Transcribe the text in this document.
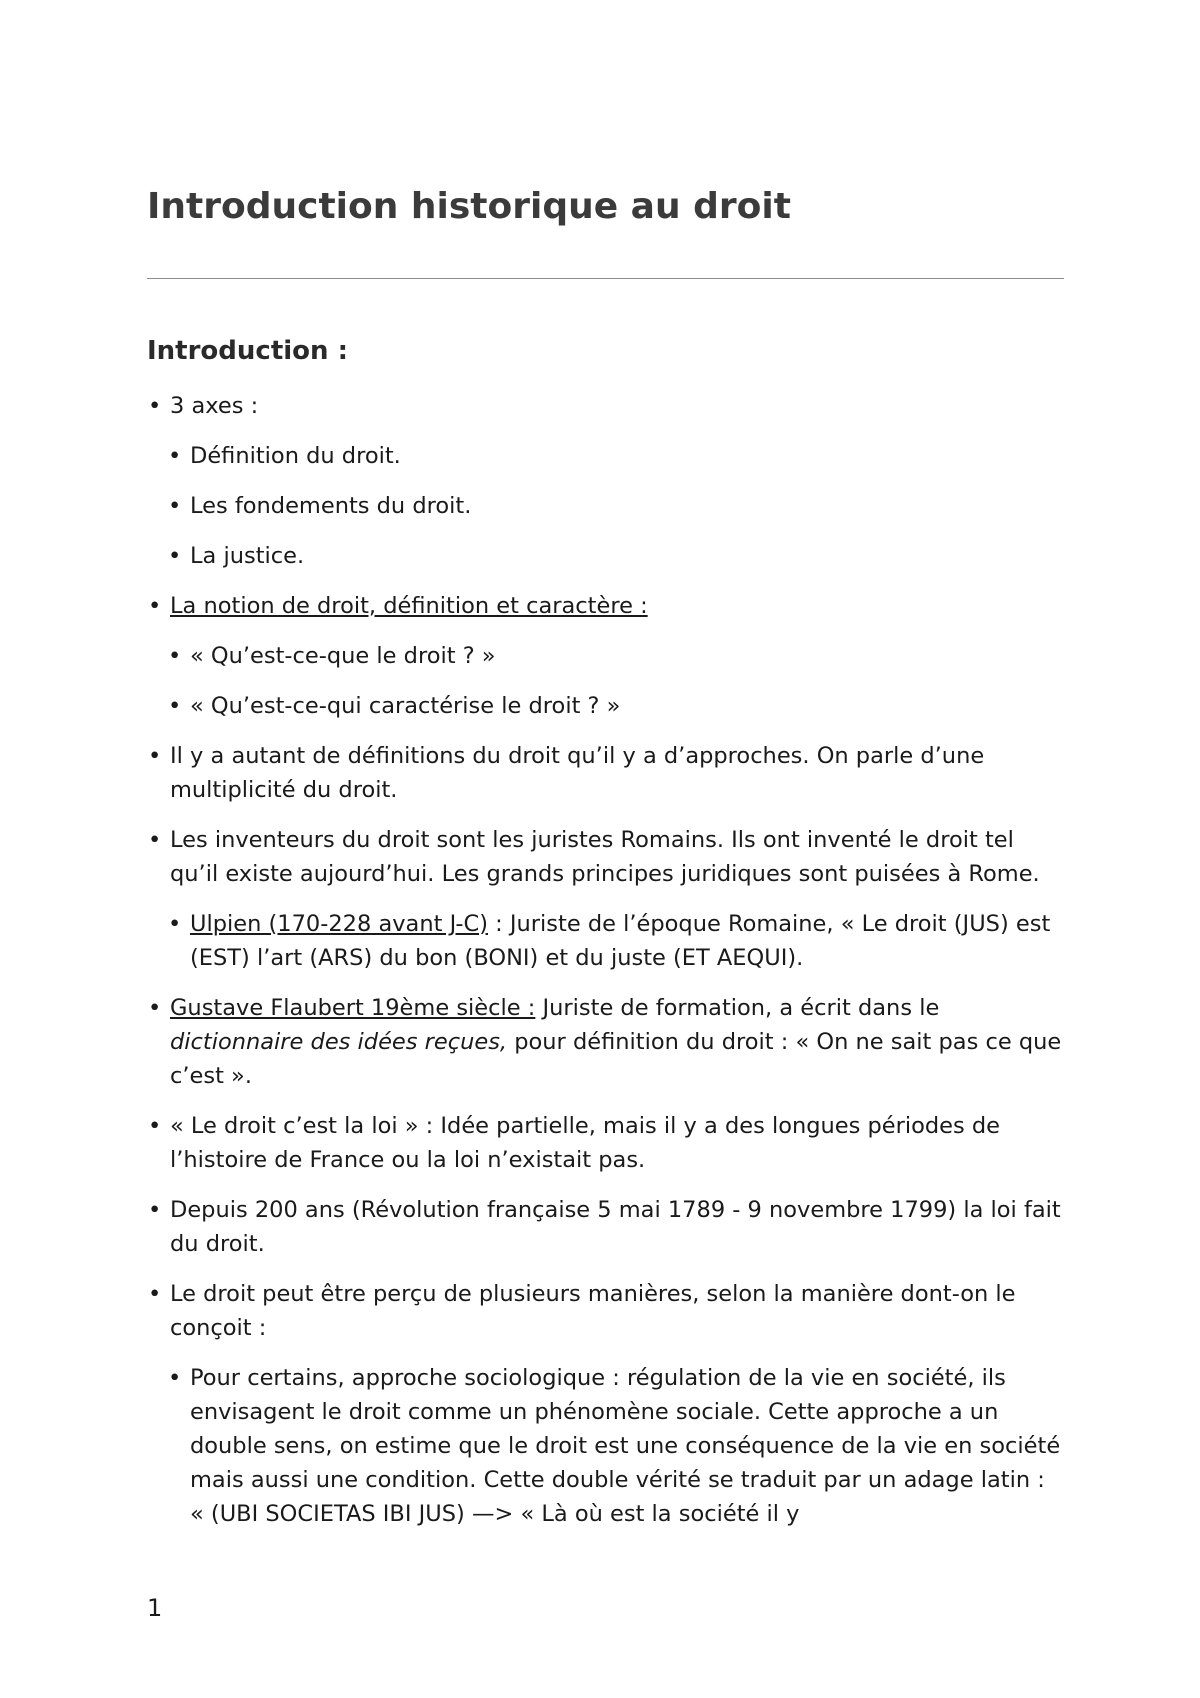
Introduction historique au droit
Introduction :
• 3 axes :
• Définition du droit.
• Les fondements du droit.
• La justice.
• La notion de droit, définition et caractère :
• « Qu’est-ce-que le droit ? »
• « Qu’est-ce-qui caractérise le droit ? »
• Il y a autant de définitions du droit qu’il y a d’approches. On parle d’une multiplicité du droit.
• Les inventeurs du droit sont les juristes Romains. Ils ont inventé le droit tel qu’il existe aujourd’hui. Les grands principes juridiques sont puisées à Rome.
• Ulpien (170-228 avant J-C) : Juriste de l’époque Romaine, « Le droit (JUS) est (EST) l’art (ARS) du bon (BONI) et du juste (ET AEQUI).
• Gustave Flaubert 19ème siècle : Juriste de formation, a écrit dans le dictionnaire des idées reçues, pour définition du droit : « On ne sait pas ce que c’est ».
• « Le droit c’est la loi » : Idée partielle, mais il y a des longues périodes de l’histoire de France ou la loi n’existait pas.
• Depuis 200 ans (Révolution française 5 mai 1789 - 9 novembre 1799) la loi fait du droit.
• Le droit peut être perçu de plusieurs manières, selon la manière dont-on le conçoit :
• Pour certains, approche sociologique : régulation de la vie en société, ils envisagent le droit comme un phénomène sociale. Cette approche a un double sens, on estime que le droit est une conséquence de la vie en société mais aussi une condition. Cette double vérité se traduit par un adage latin : « (UBI SOCIETAS IBI JUS) —> « Là où est la société il y
1
